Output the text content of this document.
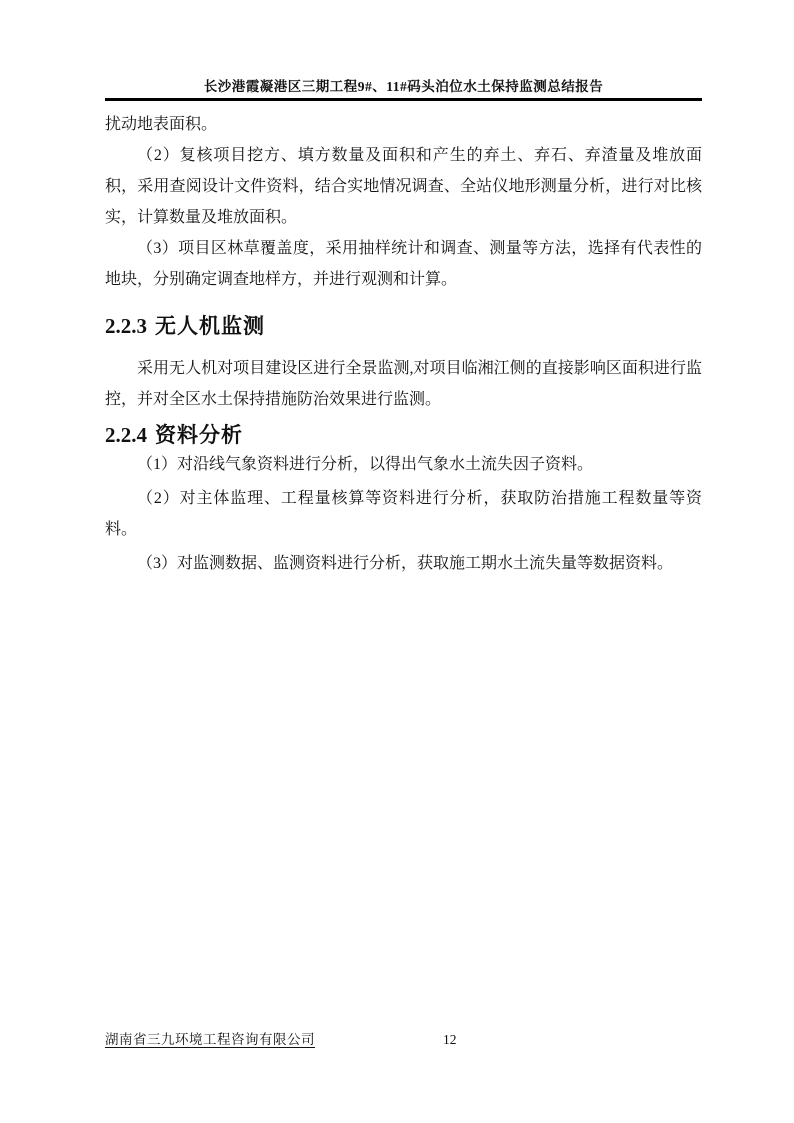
长沙港霞凝港区三期工程9#、11#码头泊位水土保持监测总结报告

扰动地表面积。

（2）复核项目挖方、填方数量及面积和产生的弃土、弃石、弃渣量及堆放面积，采用查阅设计文件资料，结合实地情况调查、全站仪地形测量分析，进行对比核实，计算数量及堆放面积。

（3）项目区林草覆盖度，采用抽样统计和调查、测量等方法，选择有代表性的地块，分别确定调查地样方，并进行观测和计算。

2.2.3 无人机监测

采用无人机对项目建设区进行全景监测,对项目临湘江侧的直接影响区面积进行监控，并对全区水土保持措施防治效果进行监测。

2.2.4 资料分析

（1）对沿线气象资料进行分析，以得出气象水土流失因子资料。

（2）对主体监理、工程量核算等资料进行分析，获取防治措施工程数量等资料。

（3）对监测数据、监测资料进行分析，获取施工期水土流失量等数据资料。

湖南省三九环境工程咨询有限公司	12
